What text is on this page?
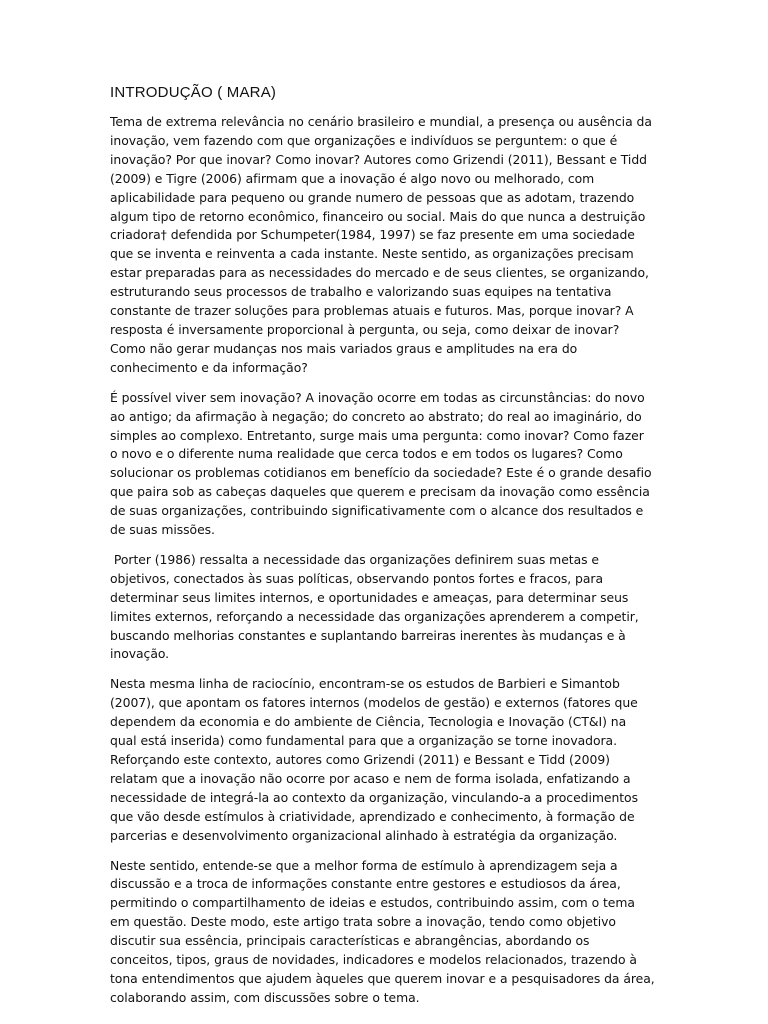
INTRODUÇÃO ( MARA)

Tema de extrema relevância no cenário brasileiro e mundial, a presença ou ausência da inovação, vem fazendo com que organizações e indivíduos se perguntem: o que é inovação? Por que inovar? Como inovar? Autores como Grizendi (2011), Bessant e Tidd (2009) e Tigre (2006) afirmam que a inovação é algo novo ou melhorado, com aplicabilidade para pequeno ou grande numero de pessoas que as adotam, trazendo algum tipo de retorno econômico, financeiro ou social. Mais do que nunca a destruição criadora† defendida por Schumpeter(1984, 1997) se faz presente em uma sociedade que se inventa e reinventa a cada instante. Neste sentido, as organizações precisam estar preparadas para as necessidades do mercado e de seus clientes, se organizando, estruturando seus processos de trabalho e valorizando suas equipes na tentativa constante de trazer soluções para problemas atuais e futuros. Mas, porque inovar? A resposta é inversamente proporcional à pergunta, ou seja, como deixar de inovar? Como não gerar mudanças nos mais variados graus e amplitudes na era do conhecimento e da informação?

É possível viver sem inovação? A inovação ocorre em todas as circunstâncias: do novo ao antigo; da afirmação à negação; do concreto ao abstrato; do real ao imaginário, do simples ao complexo. Entretanto, surge mais uma pergunta: como inovar? Como fazer o novo e o diferente numa realidade que cerca todos e em todos os lugares? Como solucionar os problemas cotidianos em benefício da sociedade? Este é o grande desafio que paira sob as cabeças daqueles que querem e precisam da inovação como essência de suas organizações, contribuindo significativamente com o alcance dos resultados e de suas missões.

Porter (1986) ressalta a necessidade das organizações definirem suas metas e objetivos, conectados às suas políticas, observando pontos fortes e fracos, para determinar seus limites internos, e oportunidades e ameaças, para determinar seus limites externos, reforçando a necessidade das organizações aprenderem a competir, buscando melhorias constantes e suplantando barreiras inerentes às mudanças e à inovação.

Nesta mesma linha de raciocínio, encontram-se os estudos de Barbieri e Simantob (2007), que apontam os fatores internos (modelos de gestão) e externos (fatores que dependem da economia e do ambiente de Ciência, Tecnologia e Inovação (CT&I) na qual está inserida) como fundamental para que a organização se torne inovadora. Reforçando este contexto, autores como Grizendi (2011) e Bessant e Tidd (2009) relatam que a inovação não ocorre por acaso e nem de forma isolada, enfatizando a necessidade de integrá-la ao contexto da organização, vinculando-a a procedimentos que vão desde estímulos à criatividade, aprendizado e conhecimento, à formação de parcerias e desenvolvimento organizacional alinhado à estratégia da organização.

Neste sentido, entende-se que a melhor forma de estímulo à aprendizagem seja a discussão e a troca de informações constante entre gestores e estudiosos da área, permitindo o compartilhamento de ideias e estudos, contribuindo assim, com o tema em questão. Deste modo, este artigo trata sobre a inovação, tendo como objetivo discutir sua essência, principais características e abrangências, abordando os conceitos, tipos, graus de novidades, indicadores e modelos relacionados, trazendo à tona entendimentos que ajudem àqueles que querem inovar e a pesquisadores da área, colaborando assim, com discussões sobre o tema.
